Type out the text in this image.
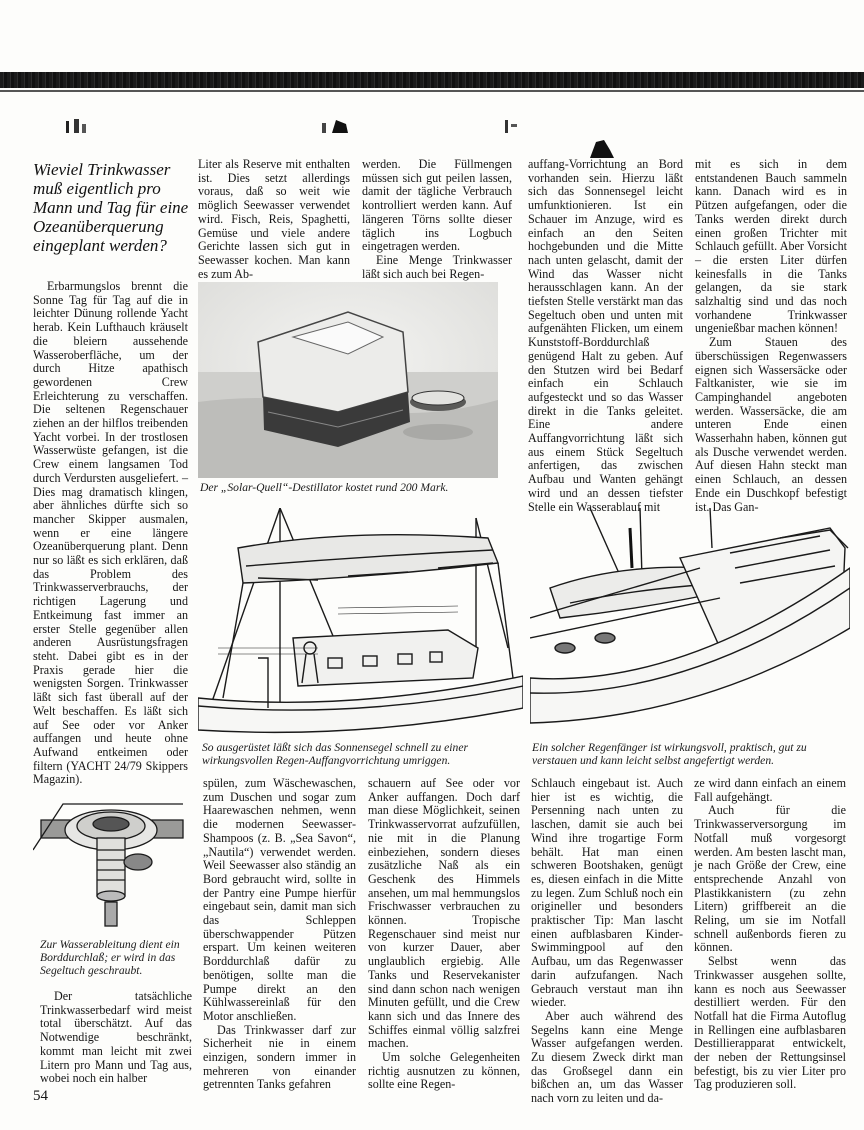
Wieviel Trinkwasser muß eigentlich pro Mann und Tag für eine Ozeanüberquerung eingeplant werden?

Erbarmungslos brennt die Sonne Tag für Tag auf die in leichter Dünung rollende Yacht herab. Kein Lufthauch kräuselt die bleiern aussehende Wasseroberfläche, um der durch Hitze apathisch gewordenen Crew Erleichterung zu verschaffen. Die seltenen Regenschauer ziehen an der hilflos treibenden Yacht vorbei. In der trostlosen Wasserwüste gefangen, ist die Crew einem langsamen Tod durch Verdursten ausgeliefert. – Dies mag dramatisch klingen, aber ähnliches dürfte sich so mancher Skipper ausmalen, wenn er eine längere Ozeanüberquerung plant. Denn nur so läßt es sich erklären, daß das Problem des Trinkwasserverbrauchs, der richtigen Lagerung und Entkeimung fast immer an erster Stelle gegenüber allen anderen Ausrüstungsfragen steht. Dabei gibt es in der Praxis gerade hier die wenigsten Sorgen. Trinkwasser läßt sich fast überall auf der Welt beschaffen. Es läßt sich auf See oder vor Anker auffangen und heute ohne Aufwand entkeimen oder filtern (YACHT 24/79 Skippers Magazin).

Liter als Reserve mit enthalten ist. Dies setzt allerdings voraus, daß so weit wie möglich Seewasser verwendet wird. Fisch, Reis, Spaghetti, Gemüse und viele andere Gerichte lassen sich gut in Seewasser kochen. Man kann es zum Ab-

werden. Die Füllmengen müssen sich gut peilen lassen, damit der tägliche Verbrauch kontrolliert werden kann. Auf längeren Törns sollte dieser täglich ins Logbuch eingetragen werden.

Eine Menge Trinkwasser läßt sich auch bei Regen-

auffang-Vorrichtung an Bord vorhanden sein. Hierzu läßt sich das Sonnensegel leicht umfunktionieren. Ist ein Schauer im Anzuge, wird es einfach an den Seiten hochgebunden und die Mitte nach unten gelascht, damit der Wind das Wasser nicht herausschlagen kann. An der tiefsten Stelle verstärkt man das Segeltuch oben und unten mit aufgenähten Flicken, um einem Kunststoff-Borddurchlaß genügend Halt zu geben. Auf den Stutzen wird bei Bedarf einfach ein Schlauch aufgesteckt und so das Wasser direkt in die Tanks geleitet. Eine andere Auffangvorrichtung läßt sich aus einem Stück Segeltuch anfertigen, das zwischen Aufbau und Wanten gehängt wird und an dessen tiefster Stelle ein Wasserablauf mit

mit es sich in dem entstandenen Bauch sammeln kann. Danach wird es in Pützen aufgefangen, oder die Tanks werden direkt durch einen großen Trichter mit Schlauch gefüllt. Aber Vorsicht – die ersten Liter dürfen keinesfalls in die Tanks gelangen, da sie stark salzhaltig sind und das noch vorhandene Trinkwasser ungenießbar machen können!

Zum Stauen des überschüssigen Regenwassers eignen sich Wassersäcke oder Faltkanister, wie sie im Campinghandel angeboten werden. Wassersäcke, die am unteren Ende einen Wasserhahn haben, können gut als Dusche verwendet werden. Auf diesen Hahn steckt man einen Schlauch, an dessen Ende ein Duschkopf befestigt ist. Das Gan-

Der „Solar-Quell“-Destillator kostet rund 200 Mark.
So ausgerüstet läßt sich das Sonnensegel schnell zu einer wirkungsvollen Regen-Auffangvorrichtung umriggen.
Ein solcher Regenfänger ist wirkungsvoll, praktisch, gut zu verstauen und kann leicht selbst angefertigt werden.
Zur Wasserableitung dient ein Borddurchlaß; er wird in das Segeltuch geschraubt.

Der tatsächliche Trinkwasserbedarf wird meist total überschätzt. Auf das Notwendige beschränkt, kommt man leicht mit zwei Litern pro Mann und Tag aus, wobei noch ein halber

spülen, zum Wäschewaschen, zum Duschen und sogar zum Haarewaschen nehmen, wenn die modernen Seewasser-Shampoos (z. B. „Sea Savon“, „Nautila“) verwendet werden. Weil Seewasser also ständig an Bord gebraucht wird, sollte in der Pantry eine Pumpe hierfür eingebaut sein, damit man sich das Schleppen überschwappender Pützen erspart. Um keinen weiteren Borddurchlaß dafür zu benötigen, sollte man die Pumpe direkt an den Kühlwassereinlaß für den Motor anschließen.

Das Trinkwasser darf zur Sicherheit nie in einem einzigen, sondern immer in mehreren von einander getrennten Tanks gefahren

schauern auf See oder vor Anker auffangen. Doch darf man diese Möglichkeit, seinen Trinkwasservorrat aufzufüllen, nie mit in die Planung einbeziehen, sondern dieses zusätzliche Naß als ein Geschenk des Himmels ansehen, um mal hemmungslos Frischwasser verbrauchen zu können. Tropische Regenschauer sind meist nur von kurzer Dauer, aber unglaublich ergiebig. Alle Tanks und Reservekanister sind dann schon nach wenigen Minuten gefüllt, und die Crew kann sich und das Innere des Schiffes einmal völlig salzfrei machen.

Um solche Gelegenheiten richtig ausnutzen zu können, sollte eine Regen-

Schlauch eingebaut ist. Auch hier ist es wichtig, die Persenning nach unten zu laschen, damit sie auch bei Wind ihre trogartige Form behält. Hat man einen schweren Bootshaken, genügt es, diesen einfach in die Mitte zu legen. Zum Schluß noch ein origineller und besonders praktischer Tip: Man lascht einen aufblasbaren Kinder-Swimmingpool auf den Aufbau, um das Regenwasser darin aufzufangen. Nach Gebrauch verstaut man ihn wieder.

Aber auch während des Segelns kann eine Menge Wasser aufgefangen werden. Zu diesem Zweck dirkt man das Großsegel dann ein bißchen an, um das Wasser nach vorn zu leiten und da-

ze wird dann einfach an einem Fall aufgehängt.

Auch für die Trinkwasserversorgung im Notfall muß vorgesorgt werden. Am besten lascht man, je nach Größe der Crew, eine entsprechende Anzahl von Plastikkanistern (zu zehn Litern) griffbereit an die Reling, um sie im Notfall schnell außenbords fieren zu können.

Selbst wenn das Trinkwasser ausgehen sollte, kann es noch aus Seewasser destilliert werden. Für den Notfall hat die Firma Autoflug in Rellingen eine aufblasbaren Destillierapparat entwickelt, der neben der Rettungsinsel befestigt, bis zu vier Liter pro Tag produzieren soll.

54
